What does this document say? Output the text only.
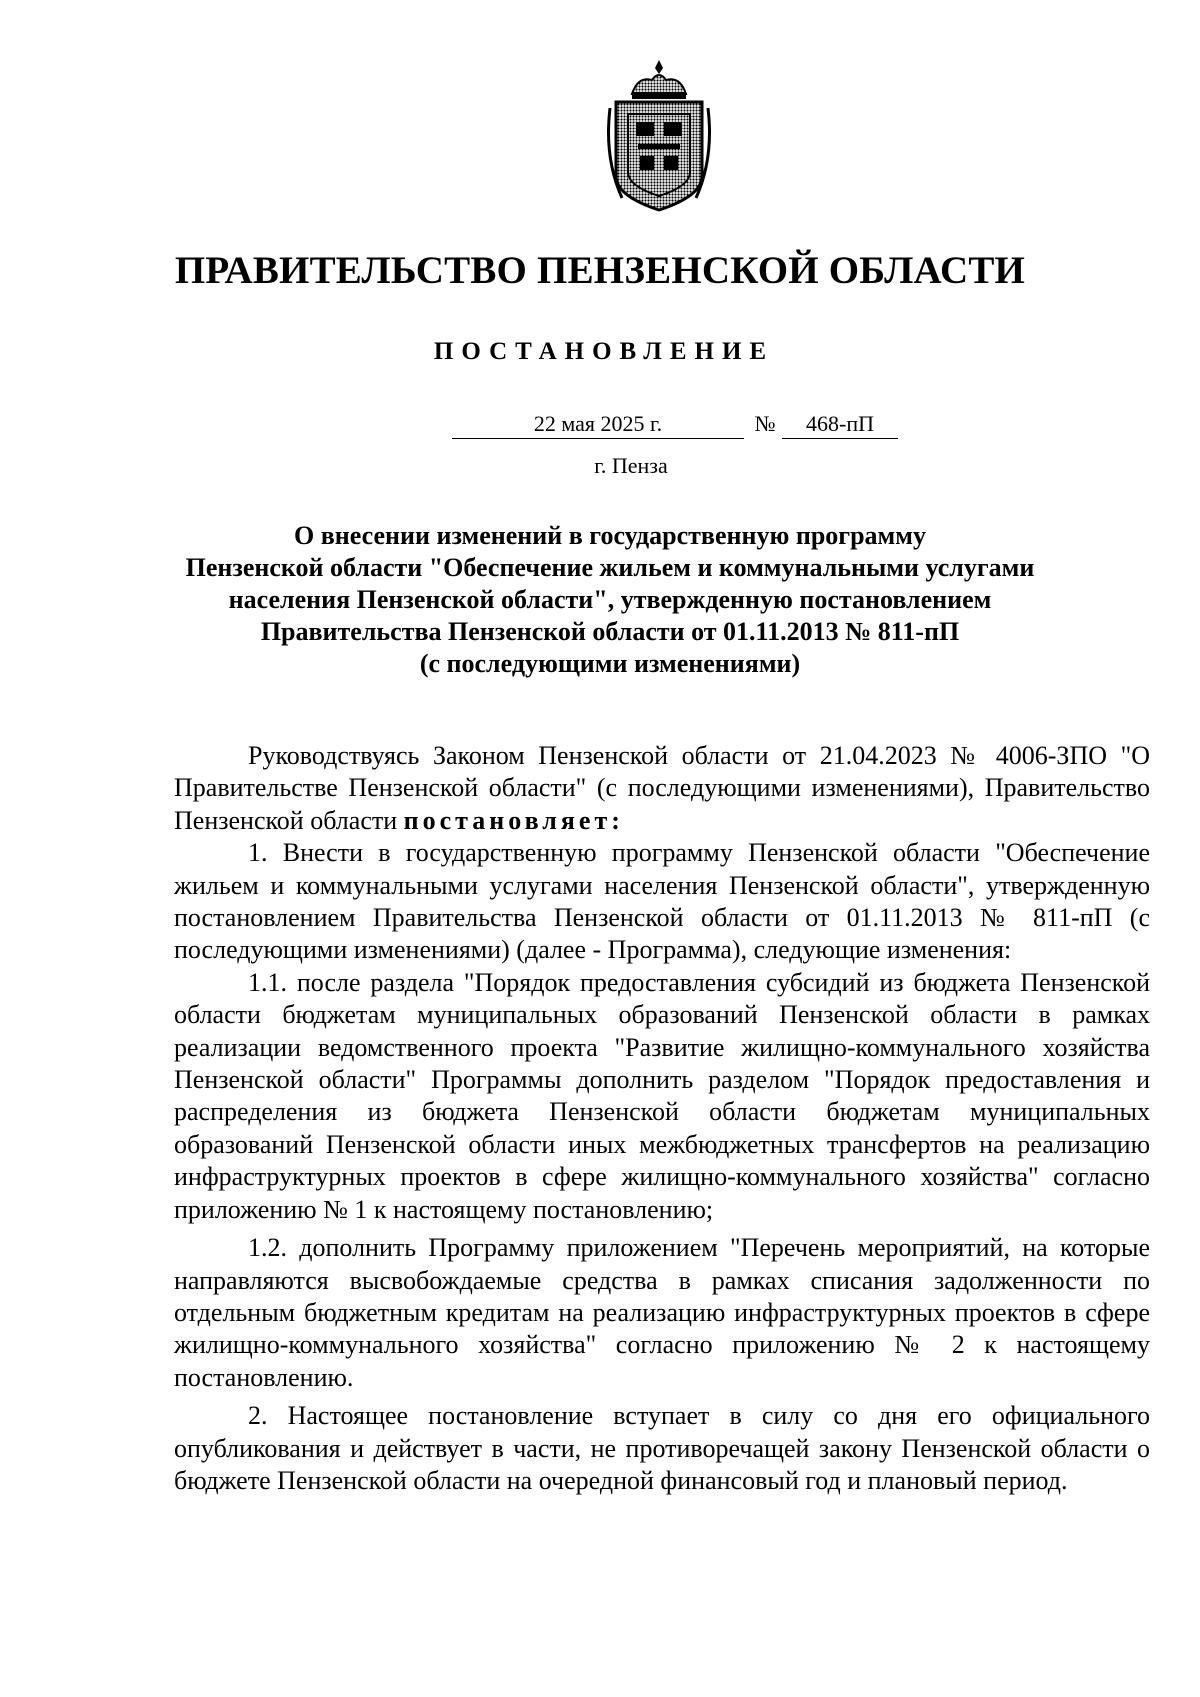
ПРАВИТЕЛЬСТВО ПЕНЗЕНСКОЙ ОБЛАСТИ
ПОСТАНОВЛЕНИЕ
22 мая 2025 г.	№	468-пП
г. Пенза
О внесении изменений в государственную программу
Пензенской области "Обеспечение жильем и коммунальными услугами
населения Пензенской области", утвержденную постановлением
Правительства Пензенской области от 01.11.2013 № 811-пП
(с последующими изменениями)

Руководствуясь Законом Пензенской области от 21.04.2023 № 4006-ЗПО "О Правительстве Пензенской области" (с последующими изменениями), Правительство Пензенской области постановляет:

1. Внести в государственную программу Пензенской области "Обеспечение жильем и коммунальными услугами населения Пензенской области", утвержденную постановлением Правительства Пензенской области от 01.11.2013 № 811-пП (с последующими изменениями) (далее - Программа), следующие изменения:

1.1. после раздела "Порядок предоставления субсидий из бюджета Пензенской области бюджетам муниципальных образований Пензенской области в рамках реализации ведомственного проекта "Развитие жилищно-коммунального хозяйства Пензенской области" Программы дополнить разделом "Порядок предоставления и распределения из бюджета Пензенской области бюджетам муниципальных образований Пензенской области иных межбюджетных трансфертов на реализацию инфраструктурных проектов в сфере жилищно-коммунального хозяйства" согласно приложению № 1 к настоящему постановлению;

1.2. дополнить Программу приложением "Перечень мероприятий, на которые направляются высвобождаемые средства в рамках списания задолженности по отдельным бюджетным кредитам на реализацию инфраструктурных проектов в сфере жилищно-коммунального хозяйства" согласно приложению № 2 к настоящему постановлению.

2. Настоящее постановление вступает в силу со дня его официального опубликования и действует в части, не противоречащей закону Пензенской области о бюджете Пензенской области на очередной финансовый год и плановый период.
